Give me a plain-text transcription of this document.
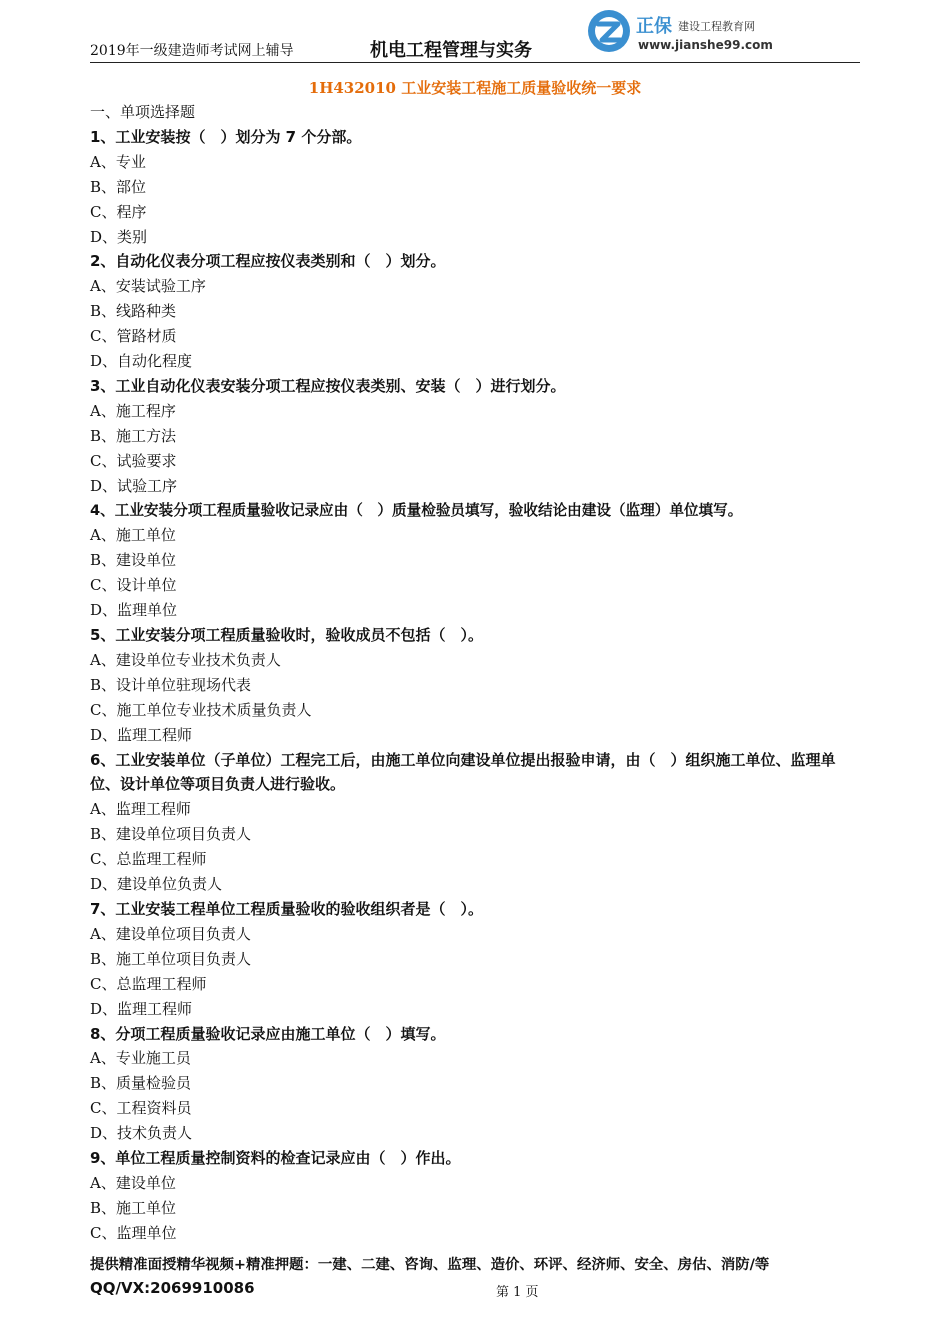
2019年一级建造师考试网上辅导	机电工程管理与实务
正保 建设工程教育网
www.jianshe99.com
1H432010 工业安装工程施工质量验收统一要求
一、单项选择题
1、工业安装按（　）划分为 7 个分部。
A、专业
B、部位
C、程序
D、类别
2、自动化仪表分项工程应按仪表类别和（　）划分。
A、安装试验工序
B、线路种类
C、管路材质
D、自动化程度
3、工业自动化仪表安装分项工程应按仪表类别、安装（　）进行划分。
A、施工程序
B、施工方法
C、试验要求
D、试验工序
4、工业安装分项工程质量验收记录应由（　）质量检验员填写，验收结论由建设（监理）单位填写。
A、施工单位
B、建设单位
C、设计单位
D、监理单位
5、工业安装分项工程质量验收时，验收成员不包括（　）。
A、建设单位专业技术负责人
B、设计单位驻现场代表
C、施工单位专业技术质量负责人
D、监理工程师
6、工业安装单位（子单位）工程完工后，由施工单位向建设单位提出报验申请，由（　）组织施工单位、监理单位、设计单位等项目负责人进行验收。
A、监理工程师
B、建设单位项目负责人
C、总监理工程师
D、建设单位负责人
7、工业安装工程单位工程质量验收的验收组织者是（　）。
A、建设单位项目负责人
B、施工单位项目负责人
C、总监理工程师
D、监理工程师
8、分项工程质量验收记录应由施工单位（　）填写。
A、专业施工员
B、质量检验员
C、工程资料员
D、技术负责人
9、单位工程质量控制资料的检查记录应由（　）作出。
A、建设单位
B、施工单位
C、监理单位
提供精准面授精华视频+精准押题：一建、二建、咨询、监理、造价、环评、经济师、安全、房估、消防/等
QQ/VX:2069910086	第 1 页
